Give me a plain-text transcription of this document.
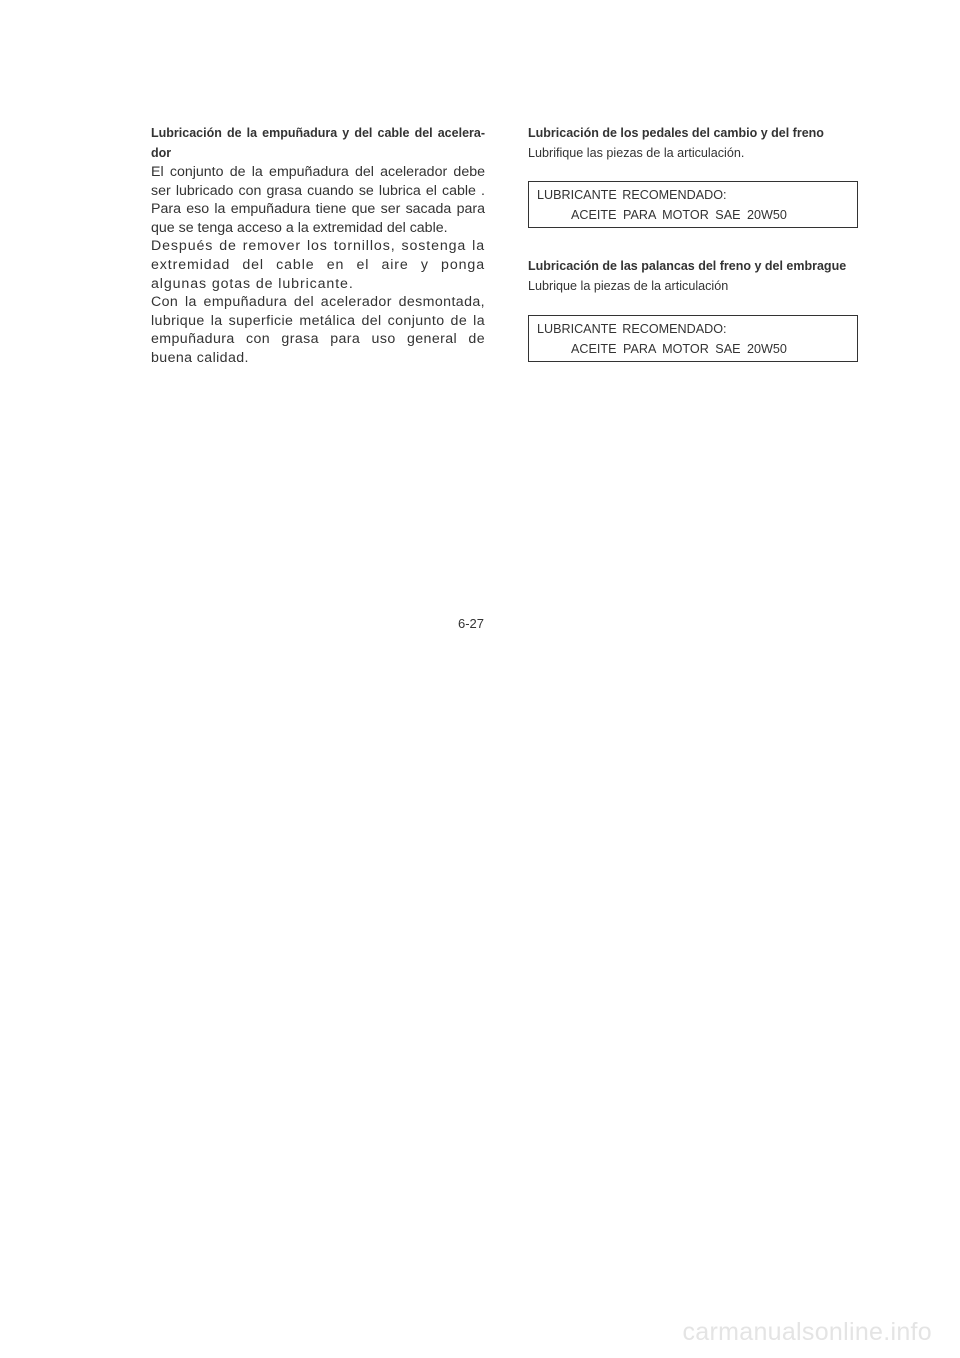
Lubricación de la empuñadura y del cable del acelera-dor

El conjunto de la empuñadura del acelerador debe ser lubricado con grasa cuando se lubrica el cable . Para eso la empuñadura tiene que ser sacada para que se tenga acceso a la extremidad del cable.
Después de remover los tornillos, sostenga la extremidad del cable en el aire y ponga algunas gotas de lubricante.
Con la empuñadura del acelerador desmontada, lubrique la superficie metálica del conjunto de la empuñadura con grasa para uso general de buena calidad.

Lubricación de los pedales del cambio y del freno

Lubrifique las piezas de la articulación.

LUBRICANTE RECOMENDADO:
ACEITE PARA MOTOR SAE 20W50

Lubricación de las palancas del freno y del embrague

Lubrique la piezas de la articulación

LUBRICANTE RECOMENDADO:
ACEITE PARA MOTOR SAE 20W50
6-27
carmanualsonline.info
